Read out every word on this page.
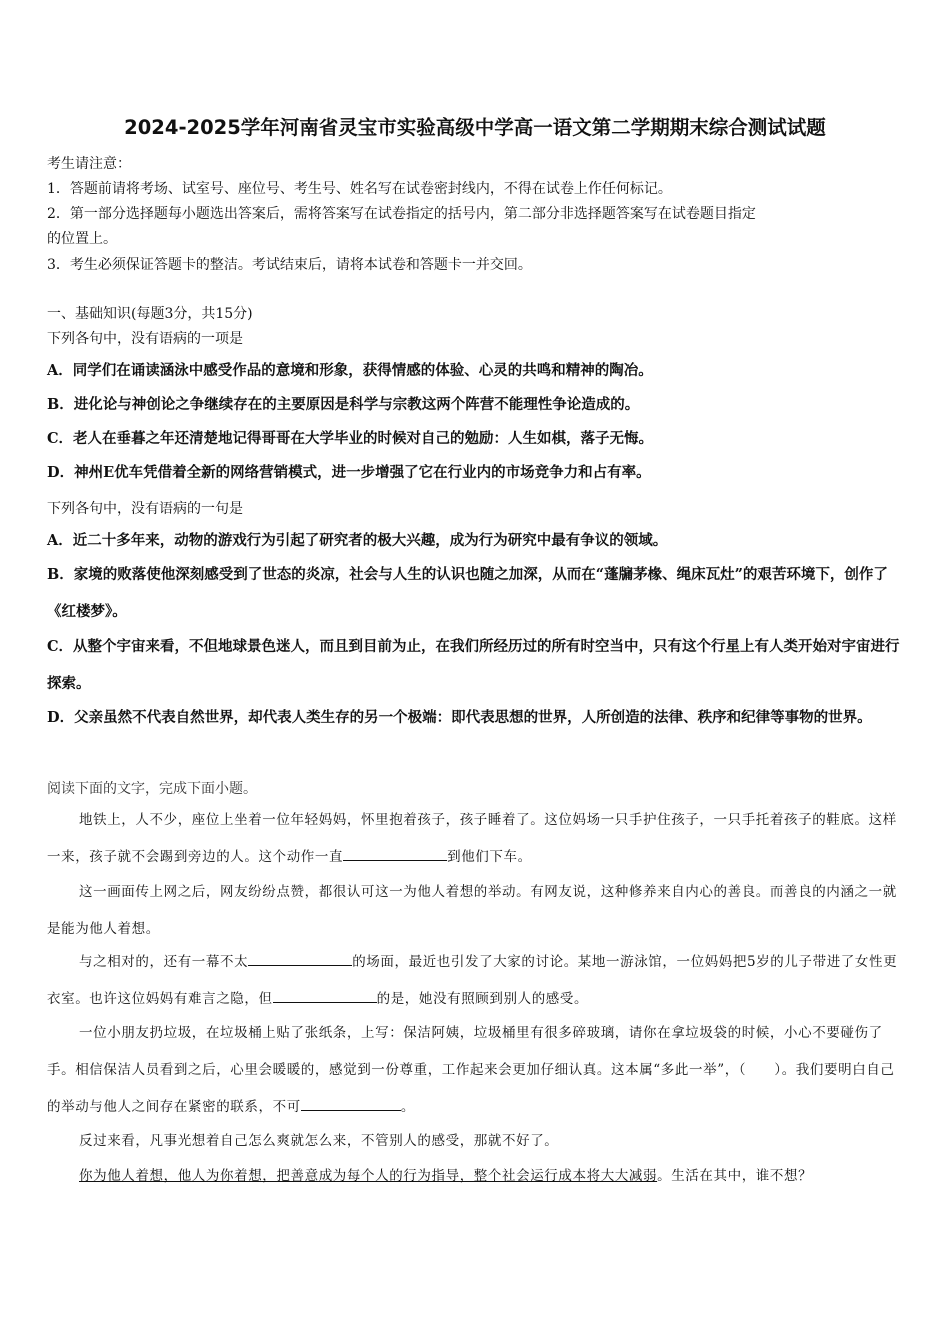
2024-2025学年河南省灵宝市实验高级中学高一语文第二学期期末综合测试试题
考生请注意：
1．答题前请将考场、试室号、座位号、考生号、姓名写在试卷密封线内，不得在试卷上作任何标记。
2．第一部分选择题每小题选出答案后，需将答案写在试卷指定的括号内，第二部分非选择题答案写在试卷题目指定
的位置上。
3．考生必须保证答题卡的整洁。考试结束后，请将本试卷和答题卡一并交回。
一、基础知识(每题3分，共15分)
下列各句中，没有语病的一项是
A．同学们在诵读涵泳中感受作品的意境和形象，获得情感的体验、心灵的共鸣和精神的陶冶。
B．进化论与神创论之争继续存在的主要原因是科学与宗教这两个阵营不能理性争论造成的。
C．老人在垂暮之年还清楚地记得哥哥在大学毕业的时候对自己的勉励：人生如棋，落子无悔。
D．神州E优车凭借着全新的网络营销模式，进一步增强了它在行业内的市场竞争力和占有率。
下列各句中，没有语病的一句是
A．近二十多年来，动物的游戏行为引起了研究者的极大兴趣，成为行为研究中最有争议的领域。
B．家境的败落使他深刻感受到了世态的炎凉，社会与人生的认识也随之加深，从而在“蓬牖茅椽、绳床瓦灶”的艰苦环境下，创作了《红楼梦》。
C．从整个宇宙来看，不但地球景色迷人，而且到目前为止，在我们所经历过的所有时空当中，只有这个行星上有人类开始对宇宙进行探索。
D．父亲虽然不代表自然世界，却代表人类生存的另一个极端：即代表思想的世界，人所创造的法律、秩序和纪律等事物的世界。
阅读下面的文字，完成下面小题。
地铁上，人不少，座位上坐着一位年轻妈妈，怀里抱着孩子，孩子睡着了。这位妈场一只手护住孩子，一只手托着孩子的鞋底。这样一来，孩子就不会踢到旁边的人。这个动作一直	到他们下车。
这一画面传上网之后，网友纷纷点赞，都很认可这一为他人着想的举动。有网友说，这种修养来自内心的善良。而善良的内涵之一就是能为他人着想。
与之相对的，还有一幕不太	的场面，最近也引发了大家的讨论。某地一游泳馆，一位妈妈把5岁的儿子带进了女性更衣室。也许这位妈妈有难言之隐，但	的是，她没有照顾到别人的感受。
一位小朋友扔垃圾，在垃圾桶上贴了张纸条，上写：保洁阿姨，垃圾桶里有很多碎玻璃，请你在拿垃圾袋的时候，小心不要碰伤了手。相信保洁人员看到之后，心里会暖暖的，感觉到一份尊重，工作起来会更加仔细认真。这本属“多此一举”，（　　）。我们要明白自己的举动与他人之间存在紧密的联系，不可	。
反过来看，凡事光想着自己怎么爽就怎么来，不管别人的感受，那就不好了。
你为他人着想，他人为你着想，把善意成为每个人的行为指导，整个社会运行成本将大大减弱。生活在其中，谁不想？
